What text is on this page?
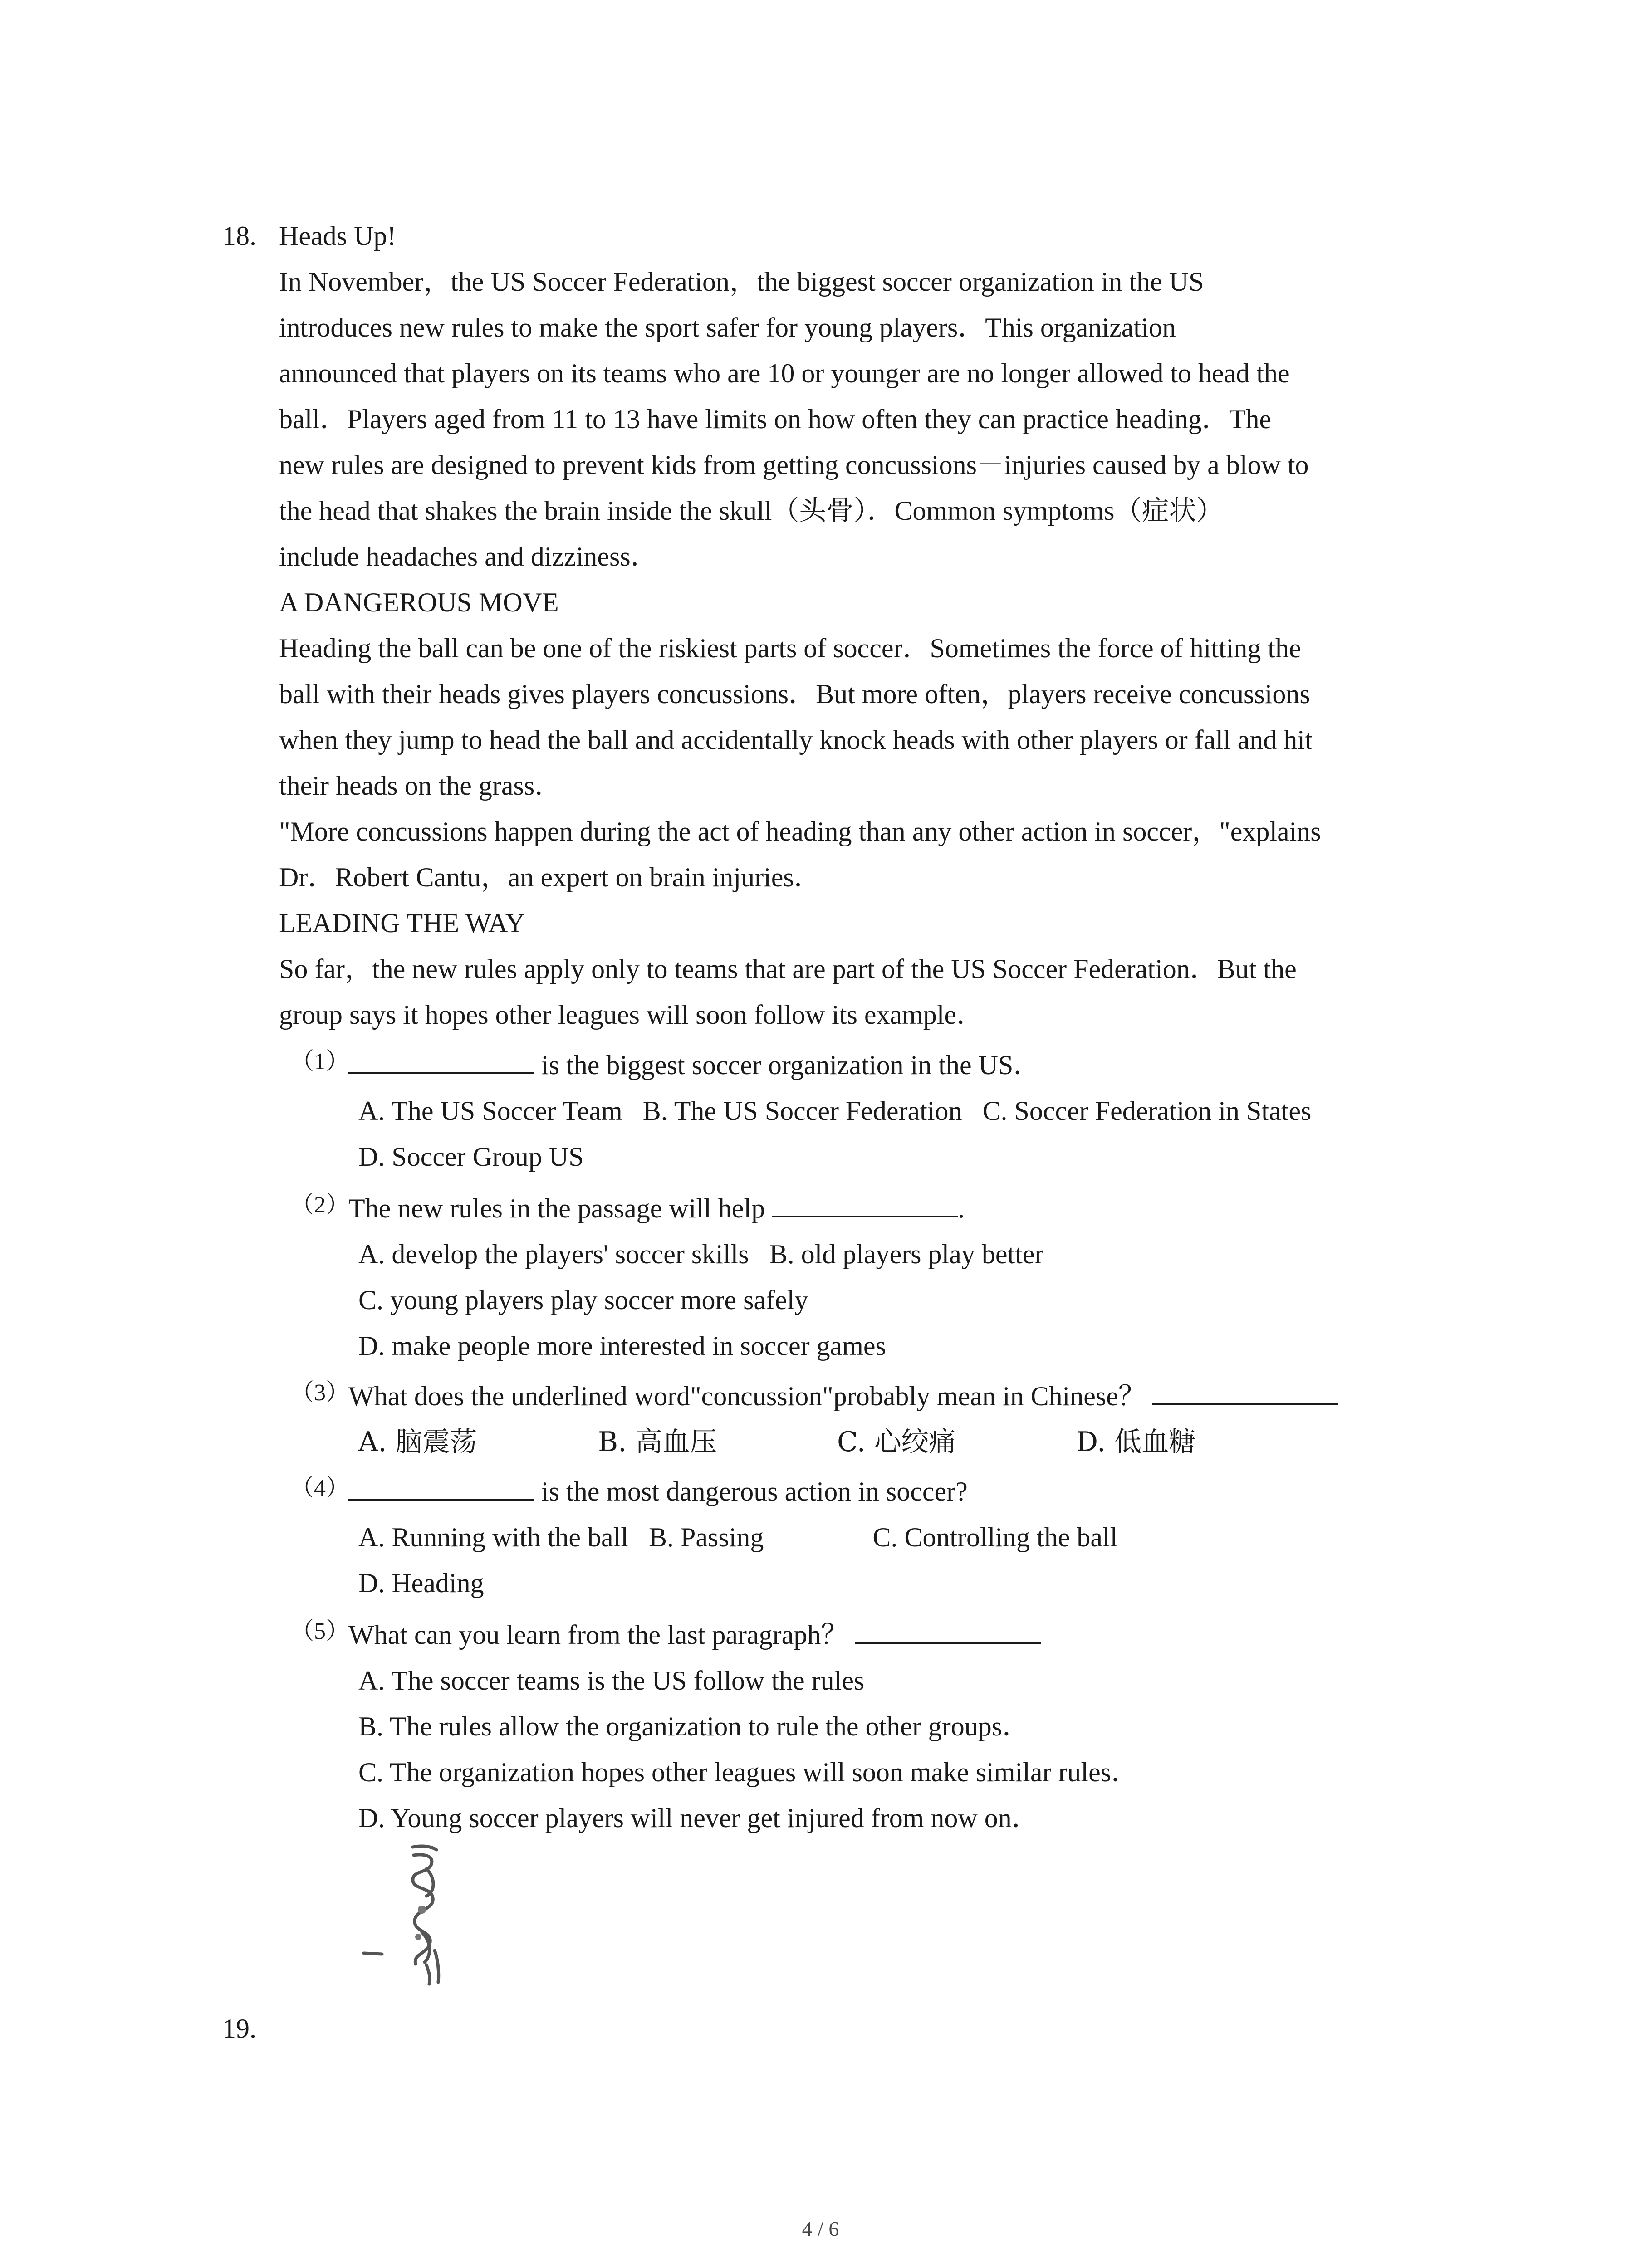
18. Heads Up!
In November，the US Soccer Federation，the biggest soccer organization in the US
introduces new rules to make the sport safer for young players．This organization
announced that players on its teams who are 10 or younger are no longer allowed to head the
ball．Players aged from 11 to 13 have limits on how often they can practice heading．The
new rules are designed to prevent kids from getting concussions－injuries caused by a blow to
the head that shakes the brain inside the skull（头骨）．Common symptoms（症状）
include headaches and dizziness．
A DANGEROUS MOVE
Heading the ball can be one of the riskiest parts of soccer．Sometimes the force of hitting the
ball with their heads gives players concussions．But more often，players receive concussions
when they jump to head the ball and accidentally knock heads with other players or fall and hit
their heads on the grass．
"More concussions happen during the act of heading than any other action in soccer，"explains
Dr．Robert Cantu，an expert on brain injuries．
LEADING THE WAY
So far，the new rules apply only to teams that are part of the US Soccer Federation．But the
group says it hopes other leagues will soon follow its example．
（1）	is the biggest soccer organization in the US．
A. The US Soccer Team   B. The US Soccer Federation   C. Soccer Federation in States
D. Soccer Group US
（2）
The new rules in the passage will help	.
A. develop the players' soccer skills   B. old players play better
C. young players play soccer more safely
D. make people more interested in soccer games
（3）
What does the underlined word"concussion"probably mean in Chinese？
A. 脑震荡	B. 高血压	C. 心绞痛	D. 低血糖
（4）	is the most dangerous action in soccer?
A. Running with the ball   B. Passing                C. Controlling the ball
D. Heading
（5）
What can you learn from the last paragraph？
A. The soccer teams is the US follow the rules
B. The rules allow the organization to rule the other groups．
C. The organization hopes other leagues will soon make similar rules．
D. Young soccer players will never get injured from now on．
19.
4 / 6
